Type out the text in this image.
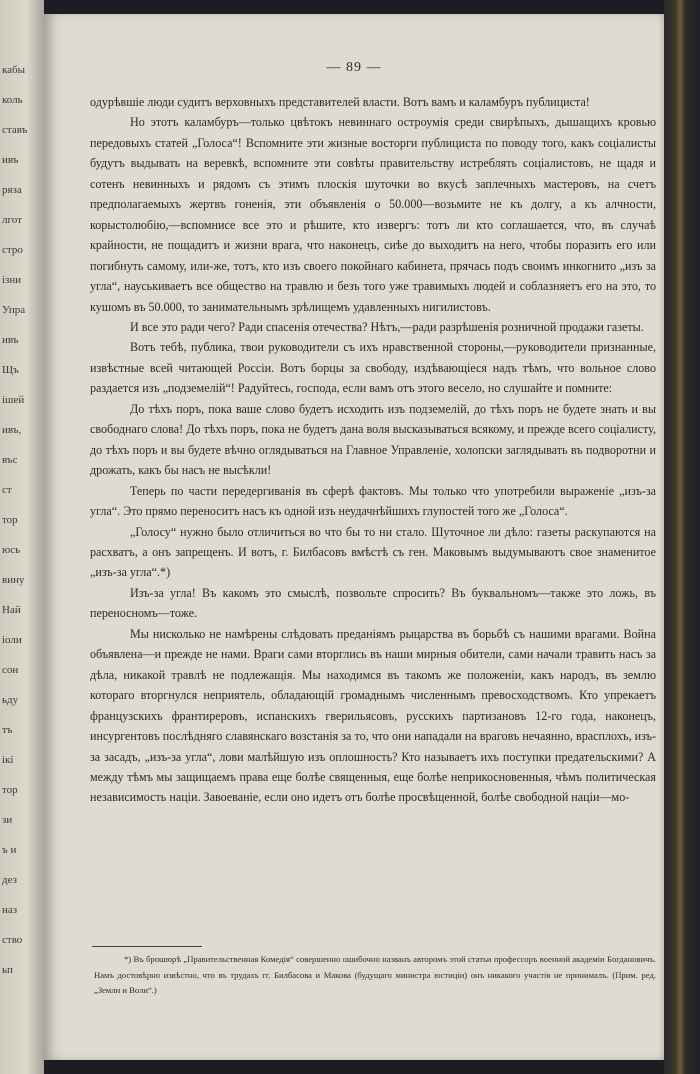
кабы
коль
ставъ
ивъ
ряза
лгот
стро
ізни
Упра
ивъ
Щъ
ішей
ивъ,
въс
ст
тор
юсь
вину
Най
іоли
сон
ьду
тъ
ікі
тор
зи
ъ и
дез
наз
ство
ьп
— 89 —

одурѣвшіе люди судитъ верховныхъ представителей власти. Вотъ вамъ и каламбуръ публициста!

Но этотъ каламбуръ—только цвѣтокъ невиннаго остроумія среди свирѣпыхъ, дышащихъ кровью передовыхъ статей „Голоса“! Вспомните эти жизные восторги публициста по поводу того, какъ соціалисты будутъ выдывать на веревкѣ, вспомните эти совѣты правительству истреблять соціалистовъ, не щадя и сотенъ невинныхъ и рядомъ съ этимъ плоскія шуточки во вкусѣ заплечныхъ мастеровъ, на счетъ предполагаемыхъ жертвъ гоненія, эти объявленія о 50.000—возьмите не къ долгу, а къ алчности, корыстолюбію,—вспомнисе все это и рѣшите, кто извергъ: тотъ ли кто соглашается, что, въ случаѣ крайности, не пощадитъ и жизни врага, что наконецъ, сиѣе до выходитъ на него, чтобы поразить его или погибнуть самому, или-же, тотъ, кто изъ своего покойнаго кабинета, прячась подъ своимъ инкогнито „изъ за угла“, науськиваетъ все общество на травлю и безъ того уже травимыхъ людей и соблазняетъ его на это, то кушомъ въ 50.000, то занимательнымъ зрѣлищемъ удавленныхъ нигилистовъ.

И все это ради чего? Ради спасенія отечества? Нѣтъ,—ради разрѣшенія розничной продажи газеты.

Вотъ тебѣ, публика, твои руководители съ ихъ нравственной стороны,—руководители признанные, извѣстные всей читающей Россіи. Вотъ борцы за свободу, издѣвающіеся надъ тѣмъ, что вольное слово раздается изъ „подземелій“! Радуйтесь, господа, если вамъ отъ этого весело, но слушайте и помните:

До тѣхъ поръ, пока ваше слово будетъ исходить изъ подземелій, до тѣхъ поръ не будете знать и вы свободнаго слова! До тѣхъ поръ, пока не будетъ дана воля высказываться всякому, и прежде всего соціалисту, до тѣхъ поръ и вы будете вѣчно оглядываться на Главное Управленіе, холопски заглядывать въ подворотни и дрожать, какъ бы насъ не высѣкли!

Теперь по части передергиванія въ сферѣ фактовъ. Мы только что употребили выраженіе „изъ-за угла“. Это прямо переноситъ насъ къ одной изъ неудачнѣйшихъ глупостей того же „Голоса“.

„Голосу“ нужно было отличиться во что бы то ни стало. Шуточное ли дѣло: газеты раскупаются на расхватъ, а онъ запрещенъ. И вотъ, г. Билбасовъ вмѣстѣ съ ген. Маковымъ выдумываютъ свое знаменитое „изъ-за угла“.*)

Изъ-за угла! Въ какомъ это смыслѣ, позвольте спросить? Въ буквальномъ—также это ложь, въ переносномъ—тоже.

Мы нисколько не намѣрены слѣдовать преданіямъ рыцарства въ борьбѣ съ нашими врагами. Война объявлена—и прежде не нами. Враги сами вторглись въ наши мирныя обители, сами начали травить насъ за дѣла, никакой травлѣ не подлежащія. Мы находимся въ такомъ же положеніи, какъ народъ, въ землю котораго вторгнулся неприятель, обладающій громаднымъ численнымъ превосходствомъ. Кто упрекаетъ французскихъ франтиреровъ, испанскихъ гверильясовъ, русскихъ партизановъ 12-го года, наконецъ, инсургентовъ послѣдняго славянскаго возстанія за то, что они нападали на враговъ нечаянно, врасплохъ, изъ-за засадъ, „изъ-за угла“, лови малѣйшую изъ оплошность? Кто называетъ ихъ поступки предательскими? А между тѣмъ мы защищаемъ права еще болѣе священныя, еще болѣе неприкосновенныя, чѣмъ политическая независимость націи. Завоеваніе, если оно идетъ отъ болѣе просвѣщенной, болѣе свободной націи—мо-

*) Въ брошюрѣ „Правительственная Комедія“ совершенно ошибочно названъ авторомъ этой статьи профессоръ военной академіи Богдановичъ. Намъ достовѣрно извѣстно, что въ трудахъ гг. Билбасова и Макова (будущаго министра юстиціи) онъ никакого участія не принималъ. (Прим. ред. „Земли и Воли“.)
